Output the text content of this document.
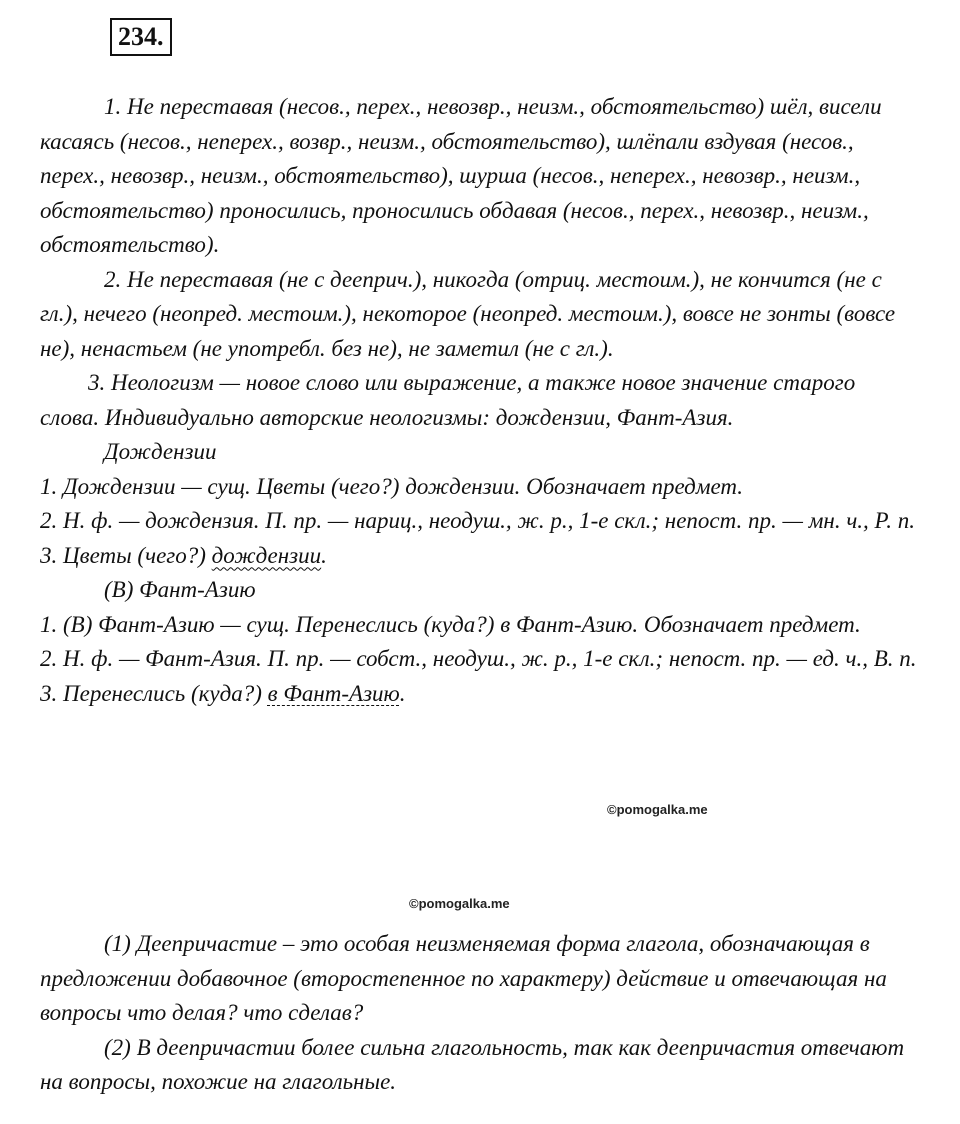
234.

1. Не переставая (несов., перех., невозвр., неизм., обстоятельство) шёл, висели касаясь (несов., неперех., возвр., неизм., обстоятельство), шлёпали вздувая (несов., перех., невозвр., неизм., обстоятельство), шурша (несов., неперех., невозвр., неизм., обстоятельство) проносились, проносились обдавая (несов., перех., невозвр., неизм., обстоятельство).

2. Не переставая (не с дееприч.), никогда (отриц. местоим.), не кончится (не с гл.), нечего (неопред. местоим.), некоторое (неопред. местоим.), вовсе не зонты (вовсе не), ненастьем (не употребл. без не), не заметил (не с гл.).

3. Неологизм — новое слово или выражение, а также новое значение старого слова. Индивидуально авторские неологизмы: дождензии, Фант-Азия.

Дождензии

1. Дождензии — сущ. Цветы (чего?) дождензии. Обозначает предмет.

2. Н. ф. — дождензия. П. пр. — нариц., неодуш., ж. р., 1-е скл.; непост. пр. — мн. ч., Р. п.

3. Цветы (чего?) дождензии.

(В) Фант-Азию

1. (В) Фант-Азию — сущ. Перенеслись (куда?) в Фант-Азию. Обозначает предмет.

2. Н. ф. — Фант-Азия. П. пр. — собст., неодуш., ж. р., 1-е скл.; непост. пр. — ед. ч., В. п.

3. Перенеслись (куда?) в Фант-Азию.

©pomogalka.me
©pomogalka.me

(1) Деепричастие – это особая неизменяемая форма глагола, обозначающая в предложении добавочное (второстепенное по характеру) действие и отвечающая на вопросы что делая? что сделав?

(2) В деепричастии более сильна глагольность, так как деепричастия отвечают на вопросы, похожие на глагольные.
